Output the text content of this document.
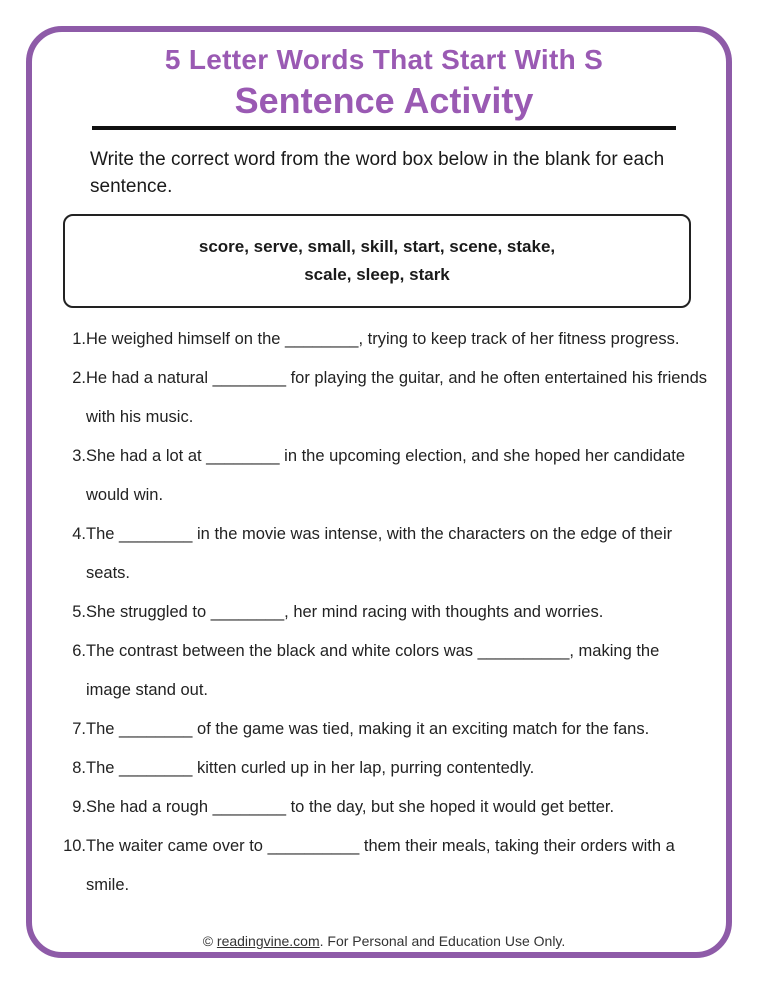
5 Letter Words That Start With S
Sentence Activity
Write the correct word from the word box below in the blank for each sentence.
score, serve, small, skill, start, scene, stake,
scale, sleep, stark
1. He weighed himself on the ________, trying to keep track of her fitness progress.
2. He had a natural ________ for playing the guitar, and he often entertained his friends with his music.
3. She had a lot at ________ in the upcoming election, and she hoped her candidate would win.
4. The ________ in the movie was intense, with the characters on the edge of their seats.
5. She struggled to ________, her mind racing with thoughts and worries.
6. The contrast between the black and white colors was __________, making the image stand out.
7. The ________ of the game was tied, making it an exciting match for the fans.
8. The ________ kitten curled up in her lap, purring contentedly.
9. She had a rough ________ to the day, but she hoped it would get better.
10. The waiter came over to __________ them their meals, taking their orders with a smile.
© readingvine.com. For Personal and Education Use Only.
